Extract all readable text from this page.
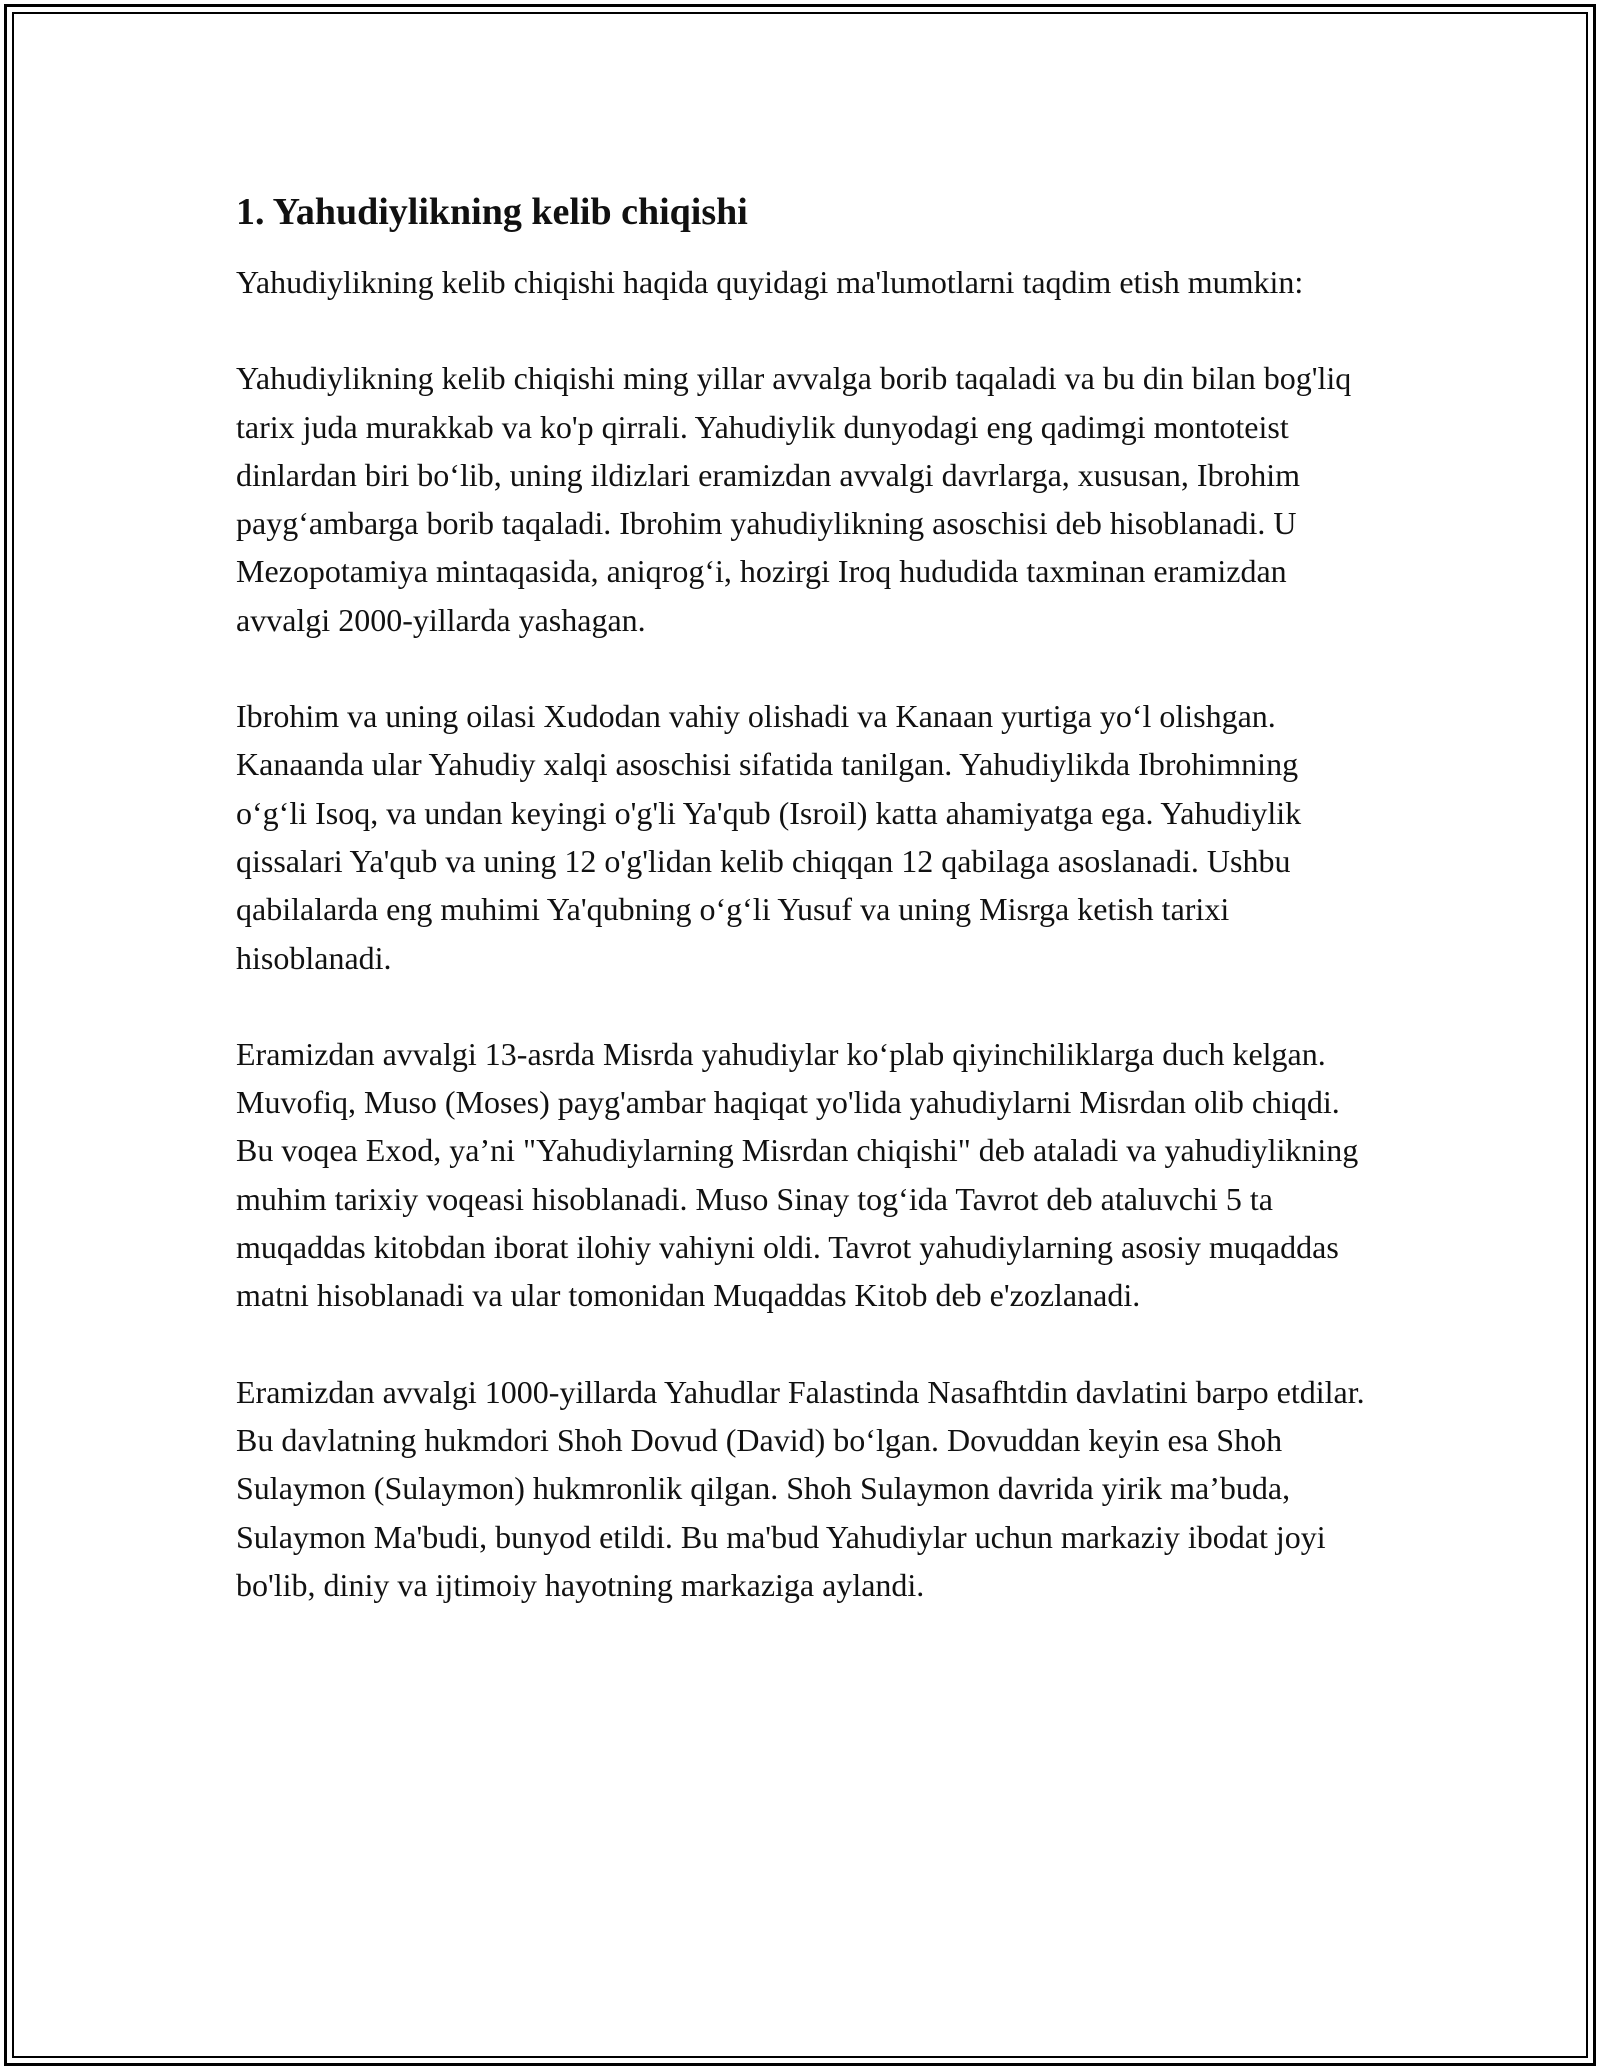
1. Yahudiylikning kelib chiqishi

Yahudiylikning kelib chiqishi haqida quyidagi ma'lumotlarni taqdim etish mumkin:

Yahudiylikning kelib chiqishi ming yillar avvalga borib taqaladi va bu din bilan bog'liq tarix juda murakkab va ko'p qirrali. Yahudiylik dunyodagi eng qadimgi montoteist dinlardan biri bo‘lib, uning ildizlari eramizdan avvalgi davrlarga, xususan, Ibrohim payg‘ambarga borib taqaladi. Ibrohim yahudiylikning asoschisi deb hisoblanadi. U Mezopotamiya mintaqasida, aniqrog‘i, hozirgi Iroq hududida taxminan eramizdan avvalgi 2000-yillarda yashagan.

Ibrohim va uning oilasi Xudodan vahiy olishadi va Kanaan yurtiga yo‘l olishgan. Kanaanda ular Yahudiy xalqi asoschisi sifatida tanilgan. Yahudiylikda Ibrohimning o‘g‘li Isoq, va undan keyingi o'g'li Ya'qub (Isroil) katta ahamiyatga ega. Yahudiylik qissalari Ya'qub va uning 12 o'g'lidan kelib chiqqan 12 qabilaga asoslanadi. Ushbu qabilalarda eng muhimi Ya'qubning o‘g‘li Yusuf va uning Misrga ketish tarixi hisoblanadi.

Eramizdan avvalgi 13-asrda Misrda yahudiylar ko‘plab qiyinchiliklarga duch kelgan. Muvofiq, Muso (Moses) payg'ambar haqiqat yo'lida yahudiylarni Misrdan olib chiqdi. Bu voqea Exod, ya’ni "Yahudiylarning Misrdan chiqishi" deb ataladi va yahudiylikning muhim tarixiy voqeasi hisoblanadi. Muso Sinay tog‘ida Tavrot deb ataluvchi 5 ta muqaddas kitobdan iborat ilohiy vahiyni oldi. Tavrot yahudiylarning asosiy muqaddas matni hisoblanadi va ular tomonidan Muqaddas Kitob deb e'zozlanadi.

Eramizdan avvalgi 1000-yillarda Yahudlar Falastinda Nasafhtdin davlatini barpo etdilar. Bu davlatning hukmdori Shoh Dovud (David) bo‘lgan. Dovuddan keyin esa Shoh Sulaymon (Sulaymon) hukmronlik qilgan. Shoh Sulaymon davrida yirik ma’buda, Sulaymon Ma'budi, bunyod etildi. Bu ma'bud Yahudiylar uchun markaziy ibodat joyi bo'lib, diniy va ijtimoiy hayotning markaziga aylandi.
